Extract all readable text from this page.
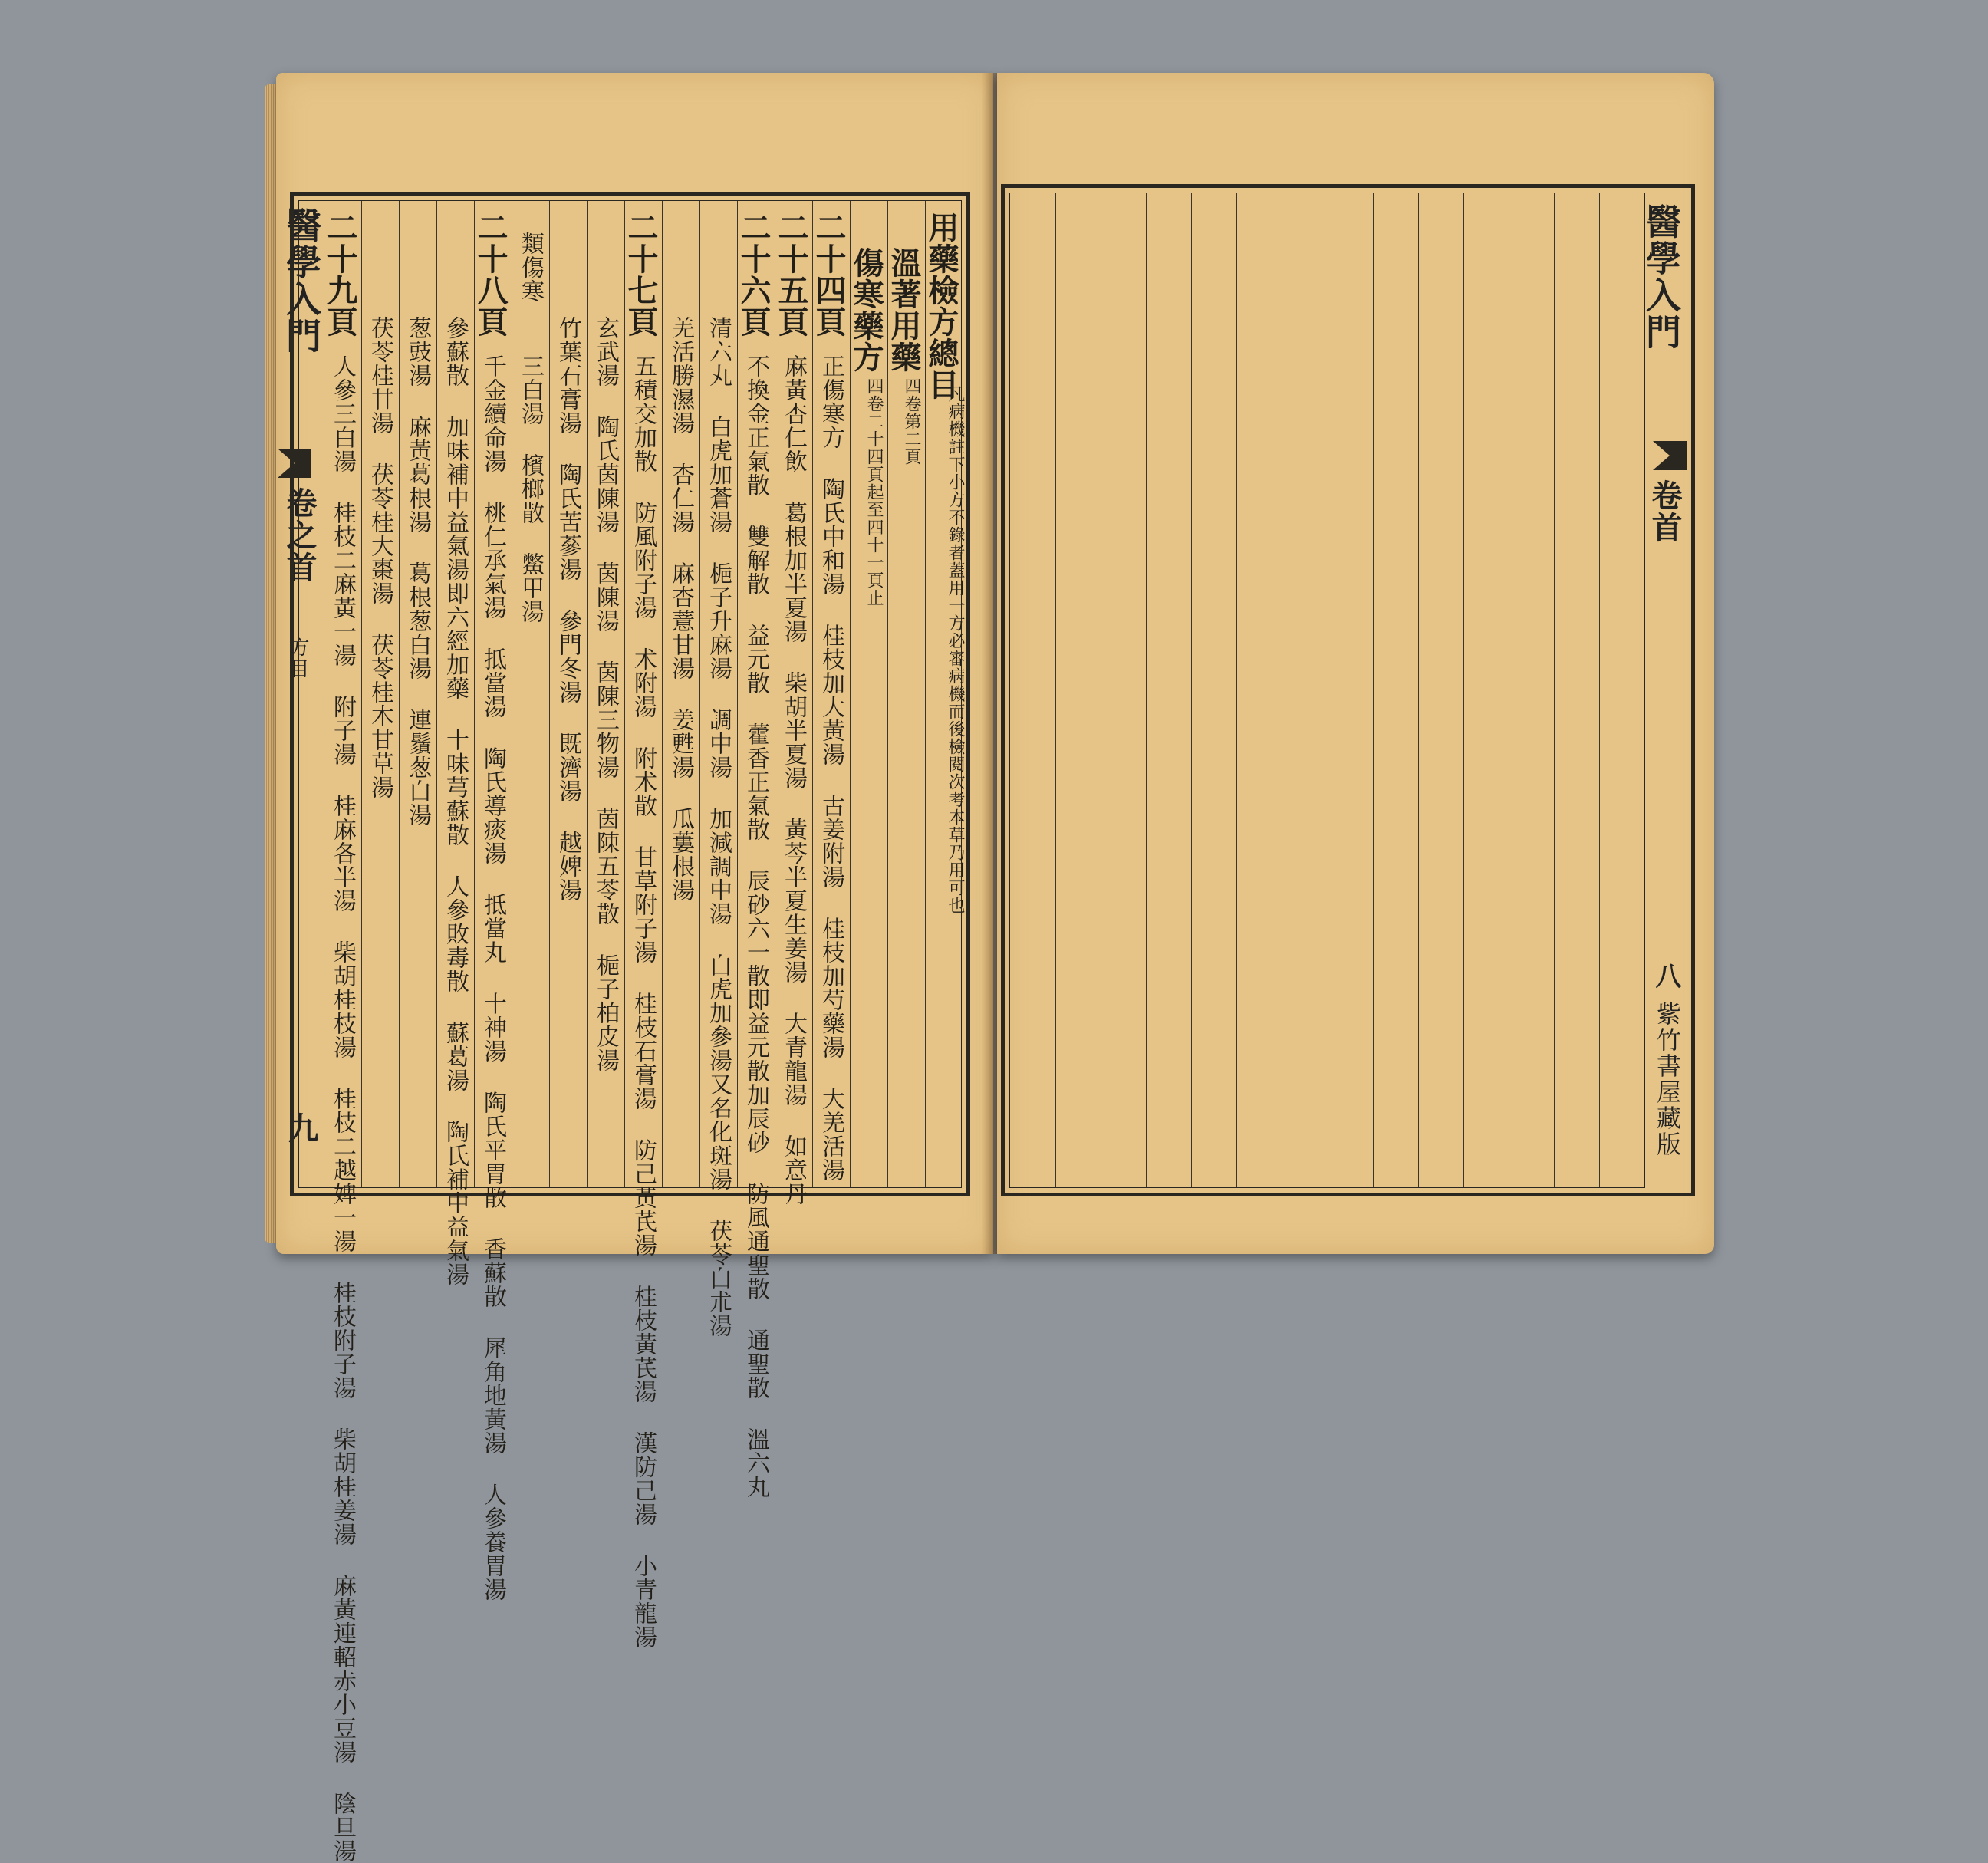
醫學入門
卷之首
方目
九
用藥檢方總目
凡病機註下小方不錄者蓋用一方必審病機而後檢閱次考本草乃用可也
溫著用藥
四卷第二頁
傷寒藥方
四卷二十四頁起至四十一頁止
二十四頁
正傷寒方 陶氏中和湯 桂枝加大黃湯 古姜附湯 桂枝加芍藥湯 大羌活湯
二十五頁
麻黃杏仁飲 葛根加半夏湯 柴胡半夏湯 黃芩半夏生姜湯 大青龍湯 如意丹
二十六頁
不換金正氣散 雙解散 益元散 藿香正氣散 辰砂六一散即益元散加辰砂 防風通聖散 通聖散 溫六丸
清六丸 白虎加蒼湯 梔子升麻湯 調中湯 加減調中湯 白虎加參湯又名化斑湯 茯苓白朮湯
羌活勝濕湯 杏仁湯 麻杏薏甘湯 姜甦湯 瓜蔞根湯
二十七頁
五積交加散 防風附子湯 术附湯 附术散 甘草附子湯 桂枝石膏湯 防己黃芪湯 桂枝黃芪湯 漢防己湯 小青龍湯
玄武湯 陶氏茵陳湯 茵陳湯 茵陳三物湯 茵陳五苓散 梔子柏皮湯
竹葉石膏湯 陶氏苦蔘湯 參門冬湯 既濟湯 越婢湯
類傷寒
三白湯 檳榔散 鱉甲湯
二十八頁
千金續命湯 桃仁承氣湯 抵當湯 陶氏導痰湯 抵當丸 十神湯 陶氏平胃散 香蘇散 犀角地黃湯 人參養胃湯
參蘇散 加味補中益氣湯即六經加藥 十味芎蘇散 人參敗毒散 蘇葛湯 陶氏補中益氣湯
葱豉湯 麻黃葛根湯 葛根葱白湯 連鬚葱白湯
茯苓桂甘湯 茯苓桂大棗湯 茯苓桂木甘草湯
二十九頁
人參三白湯 桂枝二麻黃一湯 附子湯 桂麻各半湯 柴胡桂枝湯 桂枝二越婢一湯 桂枝附子湯 柴胡桂姜湯 麻黃連軺赤小豆湯 陰旦湯
醫學入門
卷首
八
紫竹書屋藏版
